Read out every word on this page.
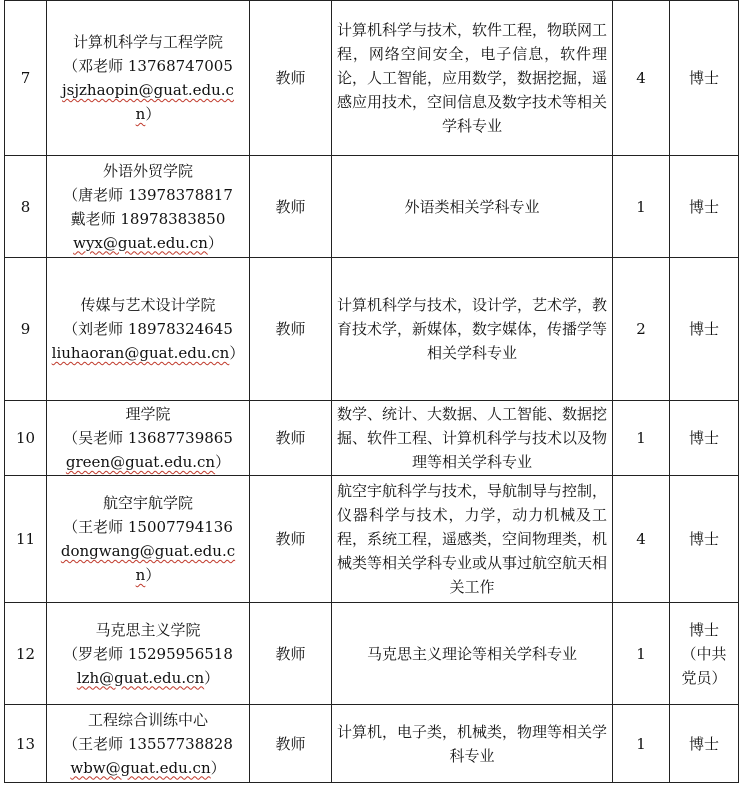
7	计算机科学与工程学院
（邓老师 13768747005
jsjzhaopin@guat.edu.cn）	教师	计算机科学与技术，软件工程，物联网工程，网络空间安全，电子信息，软件理论，人工智能，应用数学，数据挖掘，遥感应用技术，空间信息及数字技术等相关学科专业	4	博士
8	外语外贸学院
（唐老师 13978378817
戴老师 18978383850
wyx@guat.edu.cn）	教师	外语类相关学科专业	1	博士
9	传媒与艺术设计学院
（刘老师 18978324645
liuhaoran@guat.edu.cn）	教师	计算机科学与技术，设计学，艺术学，教育技术学，新媒体，数字媒体，传播学等相关学科专业	2	博士
10	理学院
（吴老师 13687739865
green@guat.edu.cn）	教师	数学、统计、大数据、人工智能、数据挖掘、软件工程、计算机科学与技术以及物理等相关学科专业	1	博士
11	航空宇航学院
（王老师 15007794136
dongwang@guat.edu.cn）	教师	航空宇航科学与技术，导航制导与控制，仪器科学与技术，力学，动力机械及工程，系统工程，遥感类，空间物理类，机械类等相关学科专业或从事过航空航天相关工作	4	博士
12	马克思主义学院
（罗老师 15295956518
lzh@guat.edu.cn）	教师	马克思主义理论等相关学科专业	1	博士（中共党员）
13	工程综合训练中心
（王老师 13557738828
wbw@guat.edu.cn）	教师	计算机，电子类，机械类，物理等相关学科专业	1	博士
